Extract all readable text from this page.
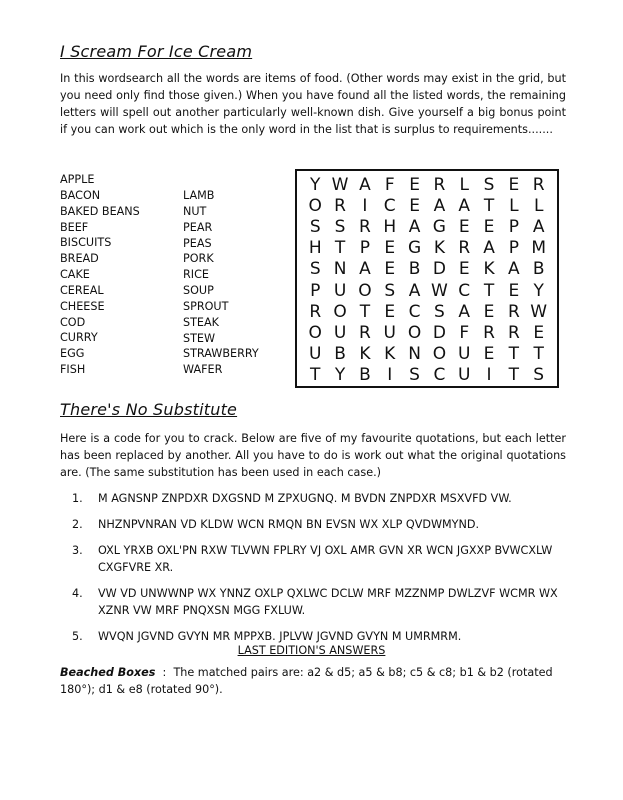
I Scream For Ice Cream
In this wordsearch all the words are items of food. (Other words may exist in the grid, but you need only find those given.) When you have found all the listed words, the remaining letters will spell out another particularly well-known dish. Give yourself a big bonus point if you can work out which is the only word in the list that is surplus to requirements.......
APPLE
BACON
BAKED BEANS
BEEF
BISCUITS
BREAD
CAKE
CEREAL
CHEESE
COD
CURRY
EGG
FISH
LAMB
NUT
PEAR
PEAS
PORK
RICE
SOUP
SPROUT
STEAK
STEW
STRAWBERRY
WAFER
Y W A F E R L S E R
O R I C E A A T L L
S S R H A G E E P A
H T P E G K R A P M
S N A E B D E K A B
P U O S A W C T E Y
R O T E C S A E R W
O U R U O D F R R E
U B K K N O U E T T
T Y B I S C U I	T S
There's No Substitute
Here is a code for you to crack. Below are five of my favourite quotations, but each letter has been replaced by another. All you have to do is work out what the original quotations are. (The same substitution has been used in each case.)
1. M AGNSNP ZNPDXR DXGSND M ZPXUGNQ. M BVDN ZNPDXR MSXVFD VW.
2. NHZNPVNRAN VD KLDW WCN RMQN BN EVSN WX XLP QVDWMYND.
3. OXL YRXB OXL'PN RXW TLVWN FPLRY VJ OXL AMR GVN XR WCN JGXXP BVWCXLW CXGFVRE XR.
4. VW VD UNWWNP WX YNNZ OXLP QXLWC DCLW MRF MZZNMP DWLZVF WCMR WX XZNR VW MRF PNQXSN MGG FXLUW.
5. WVQN JGVND GVYN MR MPPXB. JPLVW JGVND GVYN M UMRMRM.
LAST EDITION'S ANSWERS
Beached Boxes  :  The matched pairs are: a2 & d5; a5 & b8; c5 & c8; b1 & b2 (rotated 180°); d1 & e8 (rotated 90°).
